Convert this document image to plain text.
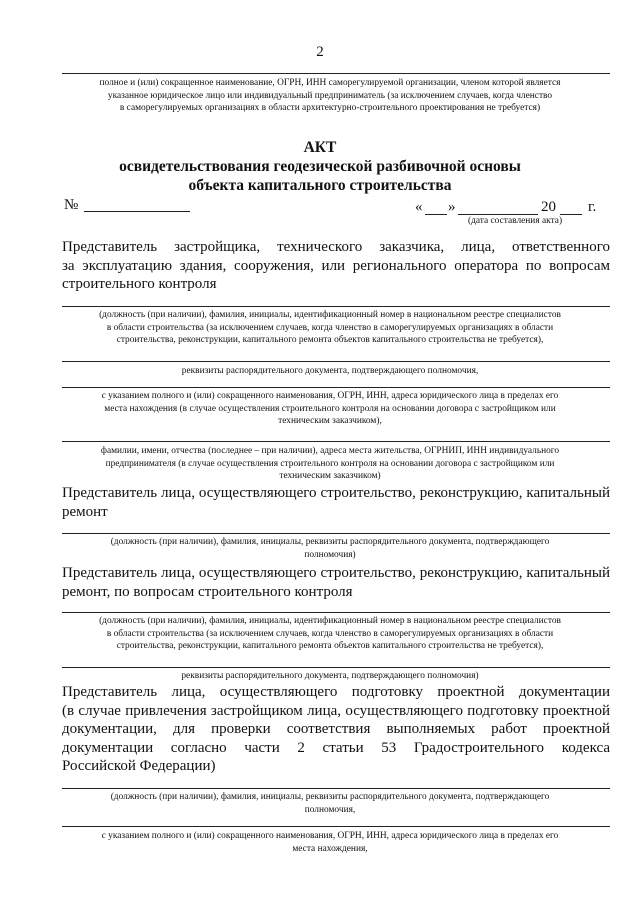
2
полное и (или) сокращенное наименование, ОГРН, ИНН саморегулируемой организации, членом которой является
указанное юридическое лицо или индивидуальный предприниматель (за исключением случаев, когда членство
в саморегулируемых организациях в области архитектурно-строительного проектирования не требуется)
АКТ
освидетельствования геодезической разбивочной основы
объекта капитального строительства
№	« »	20 г.
(дата составления акта)
Представитель застройщика, технического заказчика, лица, ответственного
за эксплуатацию здания, сооружения, или регионального оператора по вопросам
строительного контроля
(должность (при наличии), фамилия, инициалы, идентификационный номер в национальном реестре специалистов
в области строительства (за исключением случаев, когда членство в саморегулируемых организациях в области
строительства, реконструкции, капитального ремонта объектов капитального строительства не требуется),
реквизиты распорядительного документа, подтверждающего полномочия,
с указанием полного и (или) сокращенного наименования, ОГРН, ИНН, адреса юридического лица в пределах его
места нахождения (в случае осуществления строительного контроля на основании договора с застройщиком или
техническим заказчиком),
фамилии, имени, отчества (последнее – при наличии), адреса места жительства, ОГРНИП, ИНН индивидуального
предпринимателя (в случае осуществления строительного контроля на основании договора с застройщиком или
техническим заказчиком)
Представитель лица, осуществляющего строительство, реконструкцию, капитальный
ремонт
(должность (при наличии), фамилия, инициалы, реквизиты распорядительного документа, подтверждающего
полномочия)
Представитель лица, осуществляющего строительство, реконструкцию, капитальный
ремонт, по вопросам строительного контроля
(должность (при наличии), фамилия, инициалы, идентификационный номер в национальном реестре специалистов
в области строительства (за исключением случаев, когда членство в саморегулируемых организациях в области
строительства, реконструкции, капитального ремонта объектов капитального строительства не требуется),
реквизиты распорядительного документа, подтверждающего полномочия)
Представитель лица, осуществляющего подготовку проектной документации
(в случае привлечения застройщиком лица, осуществляющего подготовку проектной
документации, для проверки соответствия выполняемых работ проектной
документации согласно части 2 статьи 53 Градостроительного кодекса
Российской Федерации)
(должность (при наличии), фамилия, инициалы, реквизиты распорядительного документа, подтверждающего
полномочия,
с указанием полного и (или) сокращенного наименования, ОГРН, ИНН, адреса юридического лица в пределах его
места нахождения,
